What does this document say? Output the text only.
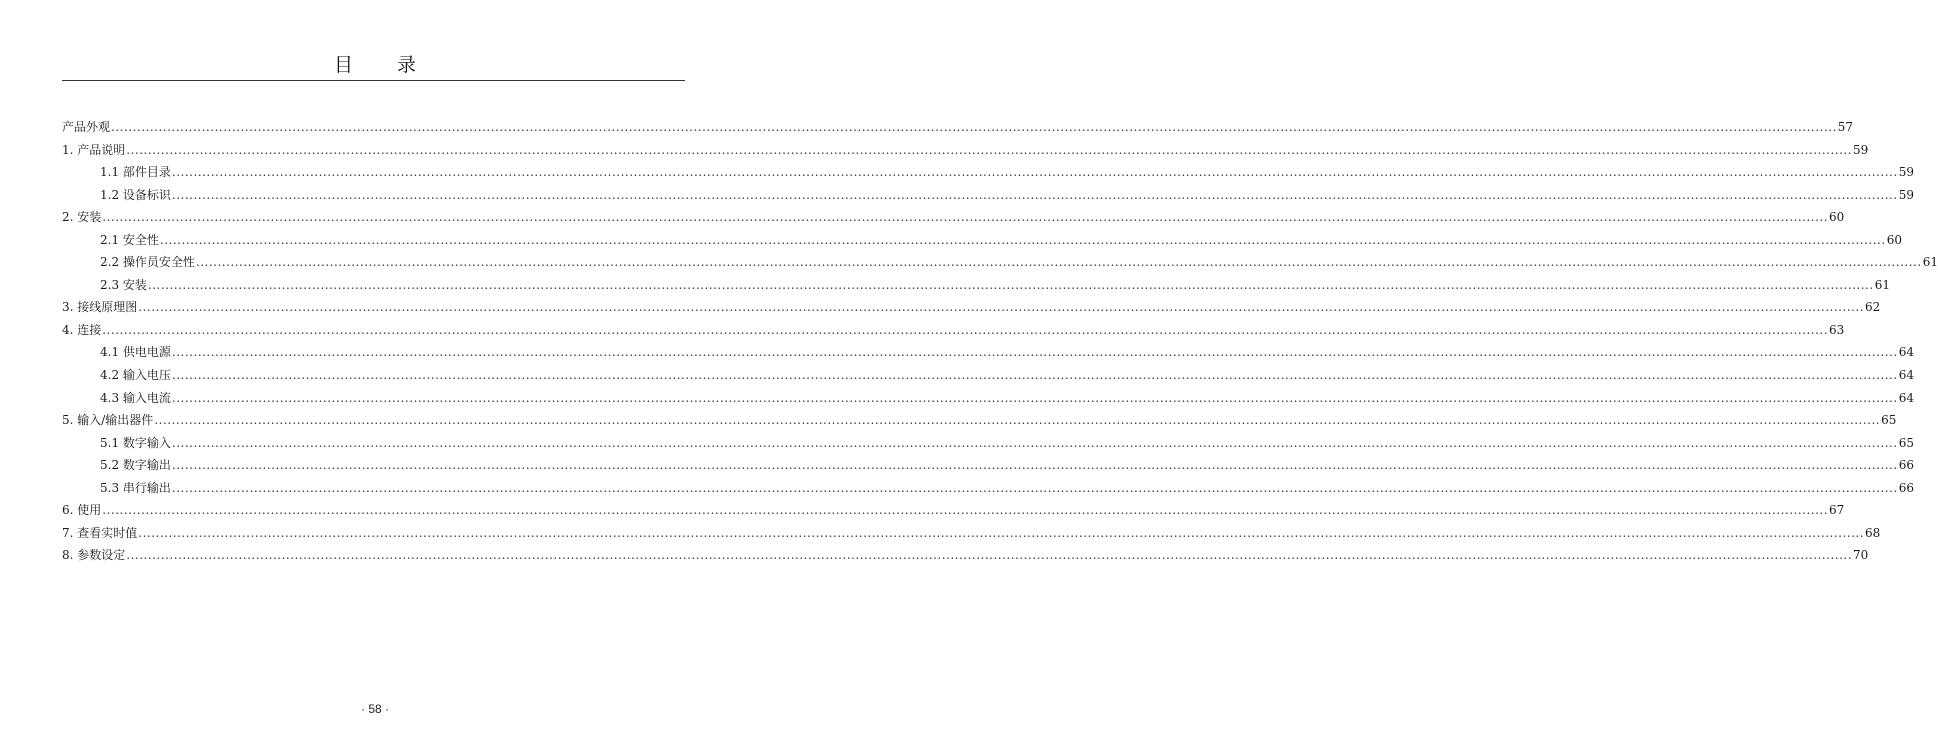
目 录
产品外观 ................................................................................................................................................................................................................................................................................................................................................................................................................ 57
1. 产品说明 ................................................................................................................................................................................................................................................................................................................................................................................................................ 59
1.1 部件目录 ................................................................................................................................................................................................................................................................................................................................................................................................................ 59
1.2 设备标识 ................................................................................................................................................................................................................................................................................................................................................................................................................ 59
2. 安装 ................................................................................................................................................................................................................................................................................................................................................................................................................ 60
2.1 安全性 ................................................................................................................................................................................................................................................................................................................................................................................................................ 60
2.2 操作员安全性 ................................................................................................................................................................................................................................................................................................................................................................................................................ 61
2.3 安装 ................................................................................................................................................................................................................................................................................................................................................................................................................ 61
3. 接线原理图 ................................................................................................................................................................................................................................................................................................................................................................................................................ 62
4. 连接 ................................................................................................................................................................................................................................................................................................................................................................................................................ 63
4.1 供电电源 ................................................................................................................................................................................................................................................................................................................................................................................................................ 64
4.2 输入电压 ................................................................................................................................................................................................................................................................................................................................................................................................................ 64
4.3 输入电流 ................................................................................................................................................................................................................................................................................................................................................................................................................ 64
5. 输入/输出器件 ................................................................................................................................................................................................................................................................................................................................................................................................................ 65
5.1 数字输入 ................................................................................................................................................................................................................................................................................................................................................................................................................ 65
5.2 数字输出 ................................................................................................................................................................................................................................................................................................................................................................................................................ 66
5.3 串行输出 ................................................................................................................................................................................................................................................................................................................................................................................................................ 66
6. 使用 ................................................................................................................................................................................................................................................................................................................................................................................................................ 67
7. 查看实时值 ................................................................................................................................................................................................................................................................................................................................................................................................................ 68
8. 参数设定 ................................................................................................................................................................................................................................................................................................................................................................................................................ 70
· 58 ·
